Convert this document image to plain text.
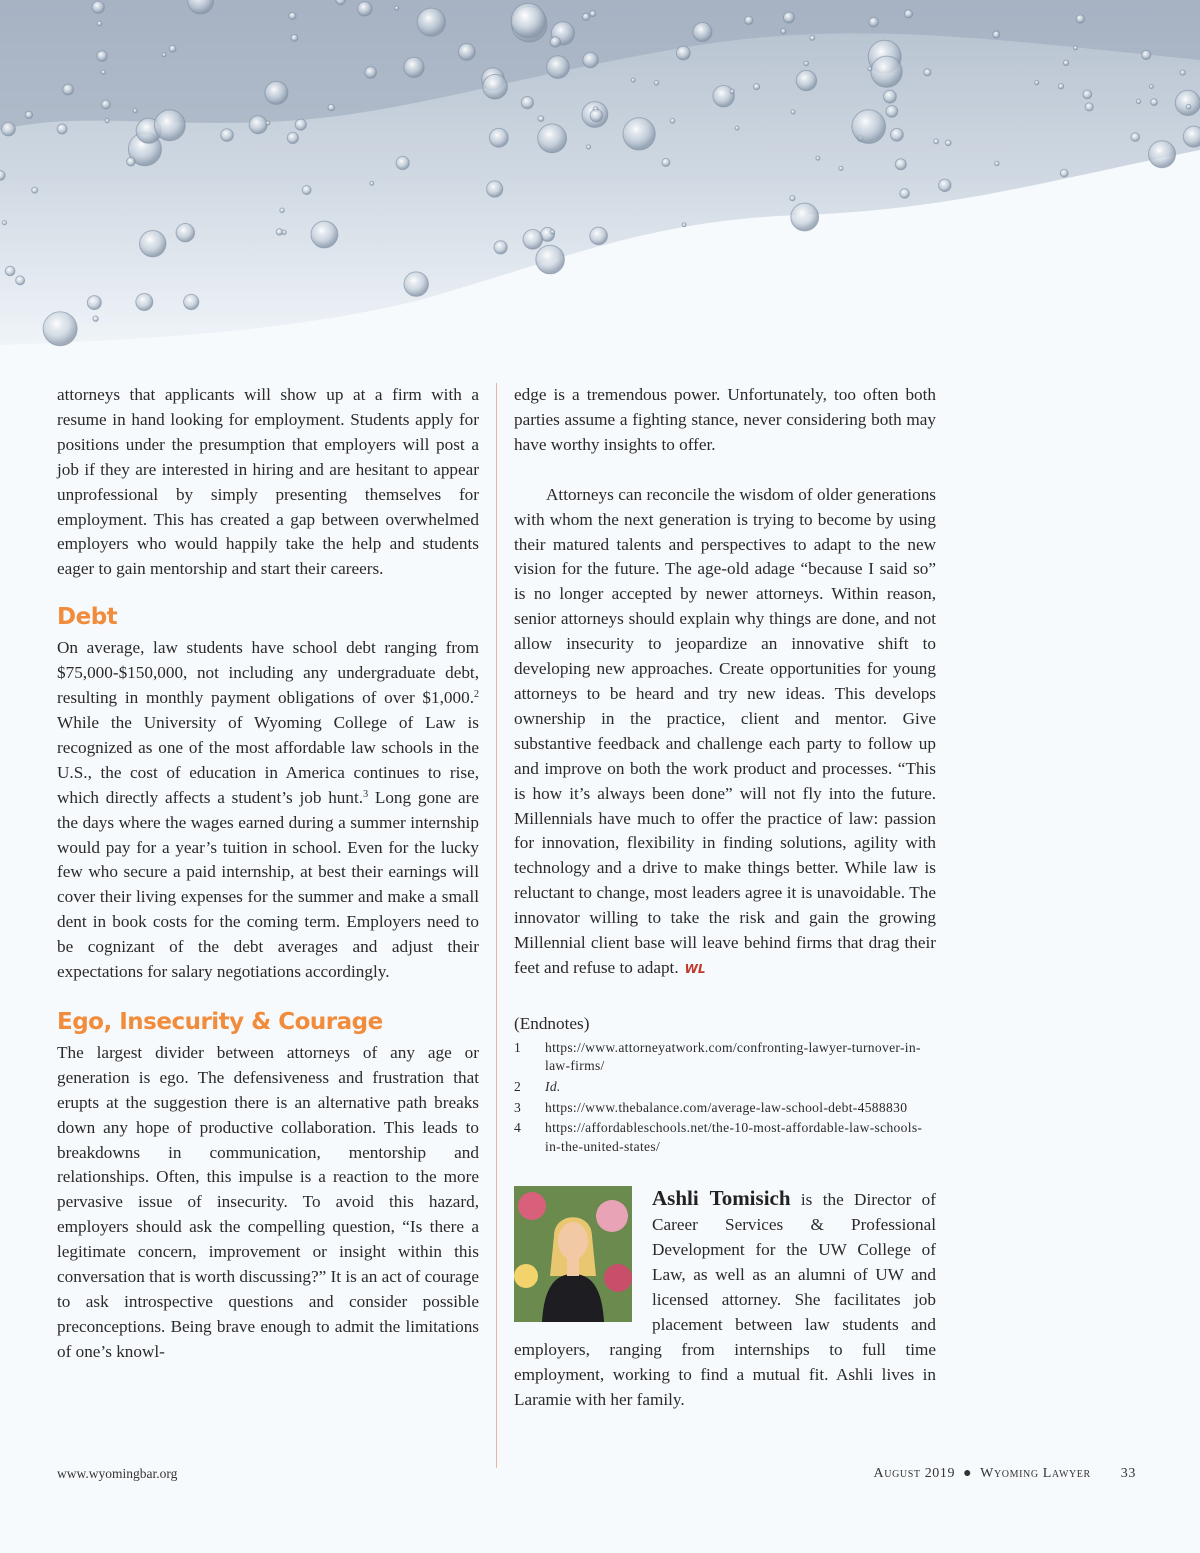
attorneys that applicants will show up at a firm with a resume in hand looking for employment. Students apply for positions under the presumption that employers will post a job if they are interested in hiring and are hesitant to appear unprofessional by simply presenting themselves for employment. This has created a gap between overwhelmed employers who would happily take the help and students eager to gain mentorship and start their careers.

Debt

On average, law students have school debt ranging from $75,000-$150,000, not including any undergraduate debt, resulting in monthly payment obligations of over $1,000.$^2$ While the University of Wyoming College of Law is recognized as one of the most affordable law schools in the U.S., the cost of education in America continues to rise, which directly affects a student’s job hunt.$^3$ Long gone are the days where the wages earned during a summer internship would pay for a year’s tuition in school. Even for the lucky few who secure a paid internship, at best their earnings will cover their living expenses for the summer and make a small dent in book costs for the coming term. Employers need to be cognizant of the debt averages and adjust their expectations for salary negotiations accordingly.

Ego, Insecurity & Courage

The largest divider between attorneys of any age or generation is ego. The defensiveness and frustration that erupts at the suggestion there is an alternative path breaks down any hope of productive collaboration. This leads to breakdowns in communication, mentorship and relationships. Often, this impulse is a reaction to the more pervasive issue of insecurity. To avoid this hazard, employers should ask the compelling question, “Is there a legitimate concern, improvement or insight within this conversation that is worth discussing?” It is an act of courage to ask introspective questions and consider possible preconceptions. Being brave enough to admit the limitations of one’s knowl-

edge is a tremendous power. Unfortunately, too often both parties assume a fighting stance, never considering both may have worthy insights to offer.

Attorneys can reconcile the wisdom of older generations with whom the next generation is trying to become by using their matured talents and perspectives to adapt to the new vision for the future. The age-old adage “because I said so” is no longer accepted by newer attorneys. Within reason, senior attorneys should explain why things are done, and not allow insecurity to jeopardize an innovative shift to developing new approaches. Create opportunities for young attorneys to be heard and try new ideas. This develops ownership in the practice, client and mentor. Give substantive feedback and challenge each party to follow up and improve on both the work product and processes. “This is how it’s always been done” will not fly into the future. Millennials have much to offer the practice of law: passion for innovation, flexibility in finding solutions, agility with technology and a drive to make things better. While law is reluctant to change, most leaders agree it is unavoidable. The innovator willing to take the risk and gain the growing Millennial client base will leave behind firms that drag their feet and refuse to adapt. WL

(Endnotes)
1	https://www.attorneyatwork.com/confronting-lawyer-turnover-in-law-firms/
2	Id.
3	https://www.thebalance.com/average-law-school-debt-4588830
4	https://affordableschools.net/the-10-most-affordable-law-schools-in-the-united-states/
Ashli Tomisich is the Director of Career Services & Professional Development for the UW College of Law, as well as an alumni of UW and licensed attorney. She facilitates job placement between law students and employers, ranging from internships to full time employment, working to find a mutual fit. Ashli lives in Laramie with her family.
www.wyomingbar.org	August 2019 ● Wyoming Lawyer 33
